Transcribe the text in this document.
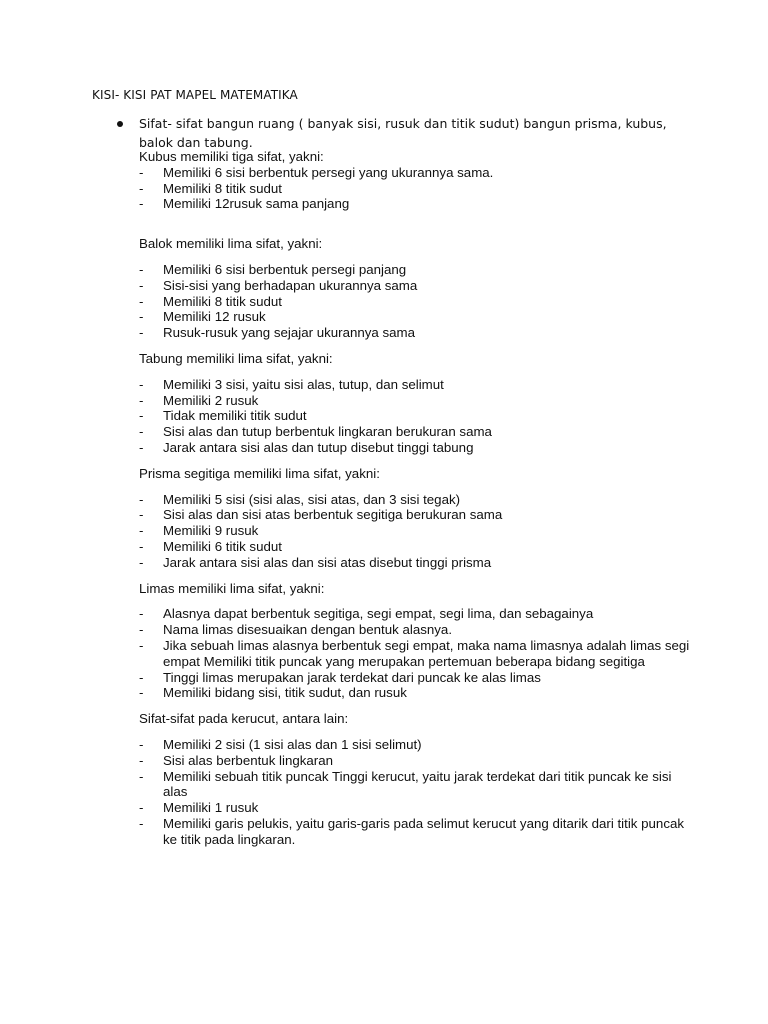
KISI- KISI PAT MAPEL MATEMATIKA
Sifat- sifat bangun ruang ( banyak sisi, rusuk dan titik sudut) bangun prisma, kubus, balok dan tabung.

Kubus memiliki tiga sifat, yakni:

- Memiliki 6 sisi berbentuk persegi yang ukurannya sama.
- Memiliki 8 titik sudut
- Memiliki 12rusuk sama panjang

Balok memiliki lima sifat, yakni:

- Memiliki 6 sisi berbentuk persegi panjang
- Sisi-sisi yang berhadapan ukurannya sama
- Memiliki 8 titik sudut
- Memiliki 12 rusuk
- Rusuk-rusuk yang sejajar ukurannya sama

Tabung memiliki lima sifat, yakni:

- Memiliki 3 sisi, yaitu sisi alas, tutup, dan selimut
- Memiliki 2 rusuk
- Tidak memiliki titik sudut
- Sisi alas dan tutup berbentuk lingkaran berukuran sama
- Jarak antara sisi alas dan tutup disebut tinggi tabung

Prisma segitiga memiliki lima sifat, yakni:

- Memiliki 5 sisi (sisi alas, sisi atas, dan 3 sisi tegak)
- Sisi alas dan sisi atas berbentuk segitiga berukuran sama
- Memiliki 9 rusuk
- Memiliki 6 titik sudut
- Jarak antara sisi alas dan sisi atas disebut tinggi prisma

Limas memiliki lima sifat, yakni:

- Alasnya dapat berbentuk segitiga, segi empat, segi lima, dan sebagainya
- Nama limas disesuaikan dengan bentuk alasnya.
- Jika sebuah limas alasnya berbentuk segi empat, maka nama limasnya adalah limas segi empat Memiliki titik puncak yang merupakan pertemuan beberapa bidang segitiga
- Tinggi limas merupakan jarak terdekat dari puncak ke alas limas
- Memiliki bidang sisi, titik sudut, dan rusuk

Sifat-sifat pada kerucut, antara lain:

- Memiliki 2 sisi (1 sisi alas dan 1 sisi selimut)
- Sisi alas berbentuk lingkaran
- Memiliki sebuah titik puncak Tinggi kerucut, yaitu jarak terdekat dari titik puncak ke sisi alas
- Memiliki 1 rusuk
- Memiliki garis pelukis, yaitu garis-garis pada selimut kerucut yang ditarik dari titik puncak ke titik pada lingkaran.
